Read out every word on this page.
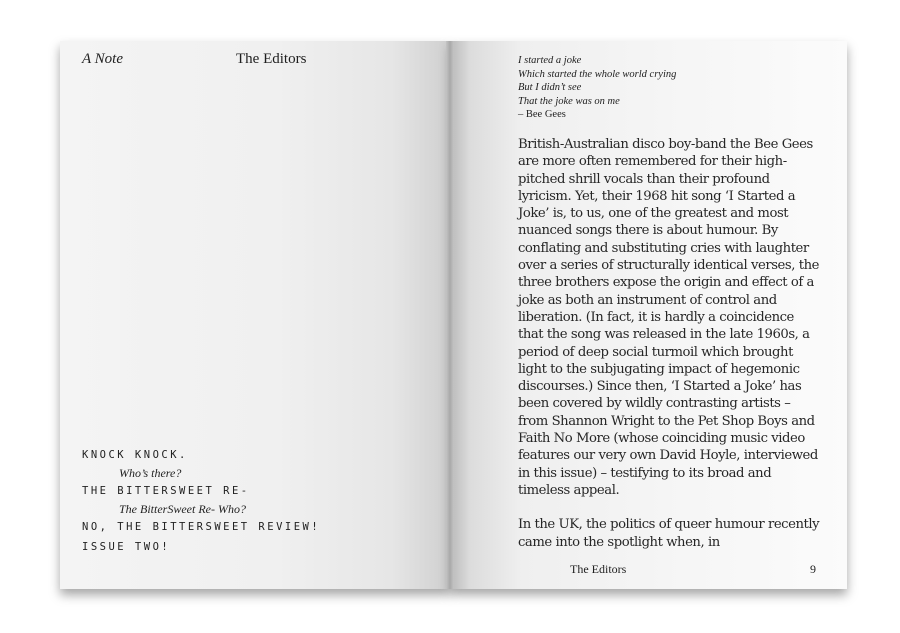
A Note	The Editors
KNOCK KNOCK.
Who’s there?
THE BITTERSWEET RE-
The BitterSweet Re- Who?
NO, THE BITTERSWEET REVIEW!
ISSUE TWO!
I started a joke
Which started the whole world crying
But I didn’t see
That the joke was on me
– Bee Gees

British-Australian disco boy-band the Bee Gees are more often remembered for their high-pitched shrill vocals than their profound lyricism. Yet, their 1968 hit song ‘I Started a Joke’ is, to us, one of the greatest and most nuanced songs there is about humour. By conflating and substituting cries with laughter over a series of structurally identical verses, the three brothers expose the origin and effect of a joke as both an instrument of control and liberation. (In fact, it is hardly a coincidence that the song was released in the late 1960s, a period of deep social turmoil which brought light to the subjugating impact of hegemonic discourses.) Since then, ‘I Started a Joke’ has been covered by wildly contrasting artists – from Shannon Wright to the Pet Shop Boys and Faith No More (whose coinciding music video features our very own David Hoyle, interviewed in this issue) – testifying to its broad and timeless appeal.

In the UK, the politics of queer humour recently came into the spotlight when, in

The Editors	9
